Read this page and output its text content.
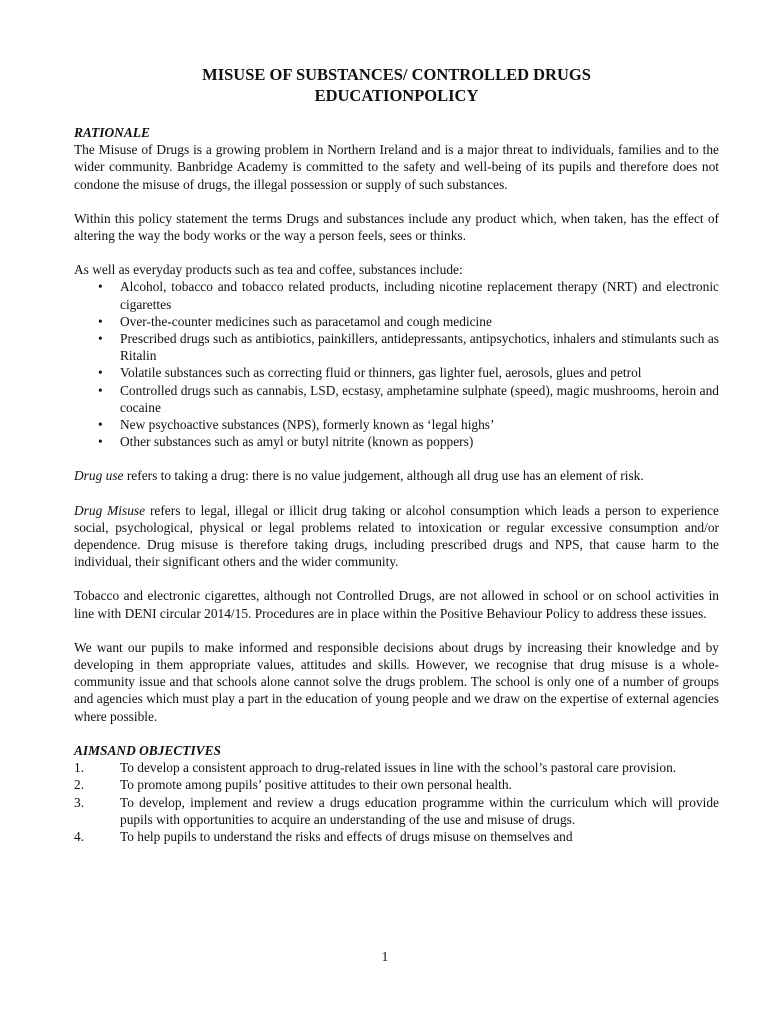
MISUSE OF SUBSTANCES/ CONTROLLED DRUGS
EDUCATIONPOLICY
RATIONALE

The Misuse of Drugs is a growing problem in Northern Ireland and is a major threat to individuals, families and to the wider community. Banbridge Academy is committed to the safety and well-being of its pupils and therefore does not condone the misuse of drugs, the illegal possession or supply of such substances.

Within this policy statement the terms Drugs and substances include any product which, when taken, has the effect of altering the way the body works or the way a person feels, sees or thinks.

As well as everyday products such as tea and coffee, substances include:

• Alcohol, tobacco and tobacco related products, including nicotine replacement therapy (NRT) and electronic cigarettes
• Over-the-counter medicines such as paracetamol and cough medicine
• Prescribed drugs such as antibiotics, painkillers, antidepressants, antipsychotics, inhalers and stimulants such as Ritalin
• Volatile substances such as correcting fluid or thinners, gas lighter fuel, aerosols, glues and petrol
• Controlled drugs such as cannabis, LSD, ecstasy, amphetamine sulphate (speed), magic mushrooms, heroin and cocaine
• New psychoactive substances (NPS), formerly known as ‘legal highs’
• Other substances such as amyl or butyl nitrite (known as poppers)

Drug use refers to taking a drug: there is no value judgement, although all drug use has an element of risk.

Drug Misuse refers to legal, illegal or illicit drug taking or alcohol consumption which leads a person to experience social, psychological, physical or legal problems related to intoxication or regular excessive consumption and/or dependence. Drug misuse is therefore taking drugs, including prescribed drugs and NPS, that cause harm to the individual, their significant others and the wider community.

Tobacco and electronic cigarettes, although not Controlled Drugs, are not allowed in school or on school activities in line with DENI circular 2014/15. Procedures are in place within the Positive Behaviour Policy to address these issues.

We want our pupils to make informed and responsible decisions about drugs by increasing their knowledge and by developing in them appropriate values, attitudes and skills. However, we recognise that drug misuse is a whole-community issue and that schools alone cannot solve the drugs problem. The school is only one of a number of groups and agencies which must play a part in the education of young people and we draw on the expertise of external agencies where possible.

AIMSAND OBJECTIVES
1.	To develop a consistent approach to drug-related issues in line with the school’s pastoral care provision.
2.	To promote among pupils’ positive attitudes to their own personal health.
3.	To develop, implement and review a drugs education programme within the curriculum which will provide pupils with opportunities to acquire an understanding of the use and misuse of drugs.
4.	To help pupils to understand the risks and effects of drugs misuse on themselves and
1
